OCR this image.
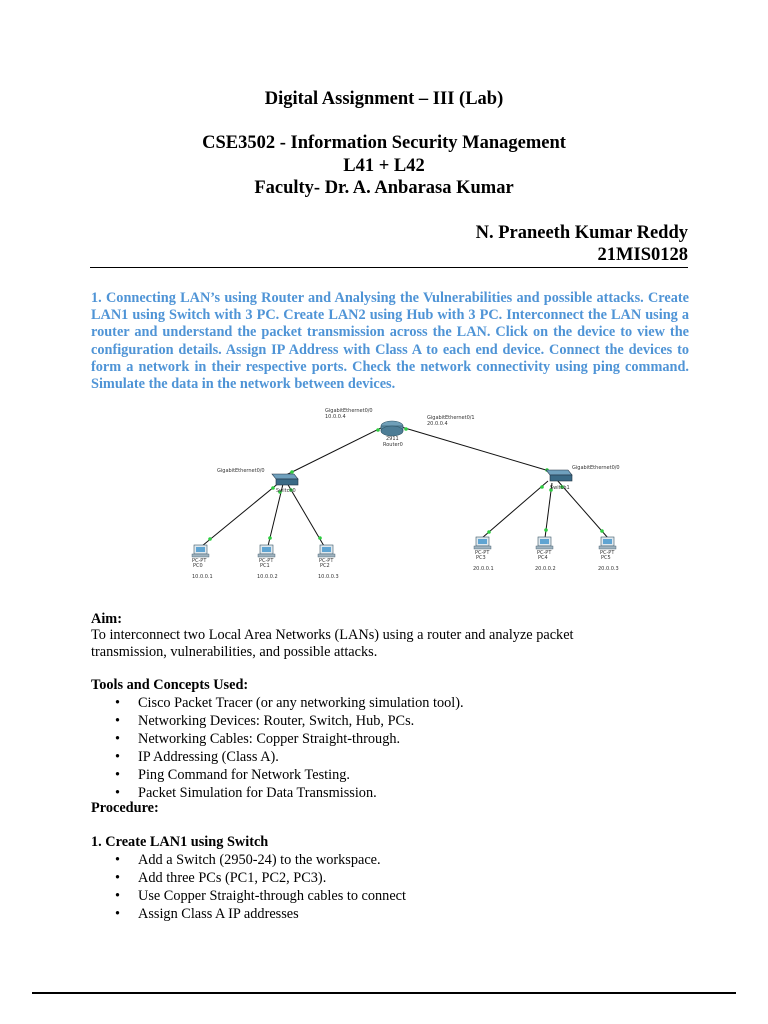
Digital Assignment – III (Lab)
CSE3502 - Information Security Management
L41 + L42
Faculty- Dr. A. Anbarasa Kumar
N. Praneeth Kumar Reddy
21MIS0128
1. Connecting LAN’s using Router and Analysing the Vulnerabilities and possible attacks. Create LAN1 using Switch with 3 PC. Create LAN2 using Hub with 3 PC. Interconnect the LAN using a router and understand the packet transmission across the LAN. Click on the device to view the configuration details. Assign IP Address with Class A to each end device. Connect the devices to form a network in their respective ports. Check the network connectivity using ping command. Simulate the data in the network between devices.
2911
Router0
GigabitEthernet0/0
10.0.0.4	GigabitEthernet0/1
20.0.0.4
GigabitEthernet0/0
Switch0
GigabitEthernet0/0
Switch1
PC-PT
PC0
10.0.0.1
PC-PT
PC1
10.0.0.2
PC-PT
PC2
10.0.0.3
PC-PT
PC3
20.0.0.1
PC-PT
PC4
20.0.0.2
PC-PT
PC5
20.0.0.3
Aim:
To interconnect two Local Area Networks (LANs) using a router and analyze packet transmission, vulnerabilities, and possible attacks.
Tools and Concepts Used:
• Cisco Packet Tracer (or any networking simulation tool).
• Networking Devices: Router, Switch, Hub, PCs.
• Networking Cables: Copper Straight-through.
• IP Addressing (Class A).
• Ping Command for Network Testing.
• Packet Simulation for Data Transmission.
Procedure:
1. Create LAN1 using Switch
• Add a Switch (2950-24) to the workspace.
• Add three PCs (PC1, PC2, PC3).
• Use Copper Straight-through cables to connect
• Assign Class A IP addresses
